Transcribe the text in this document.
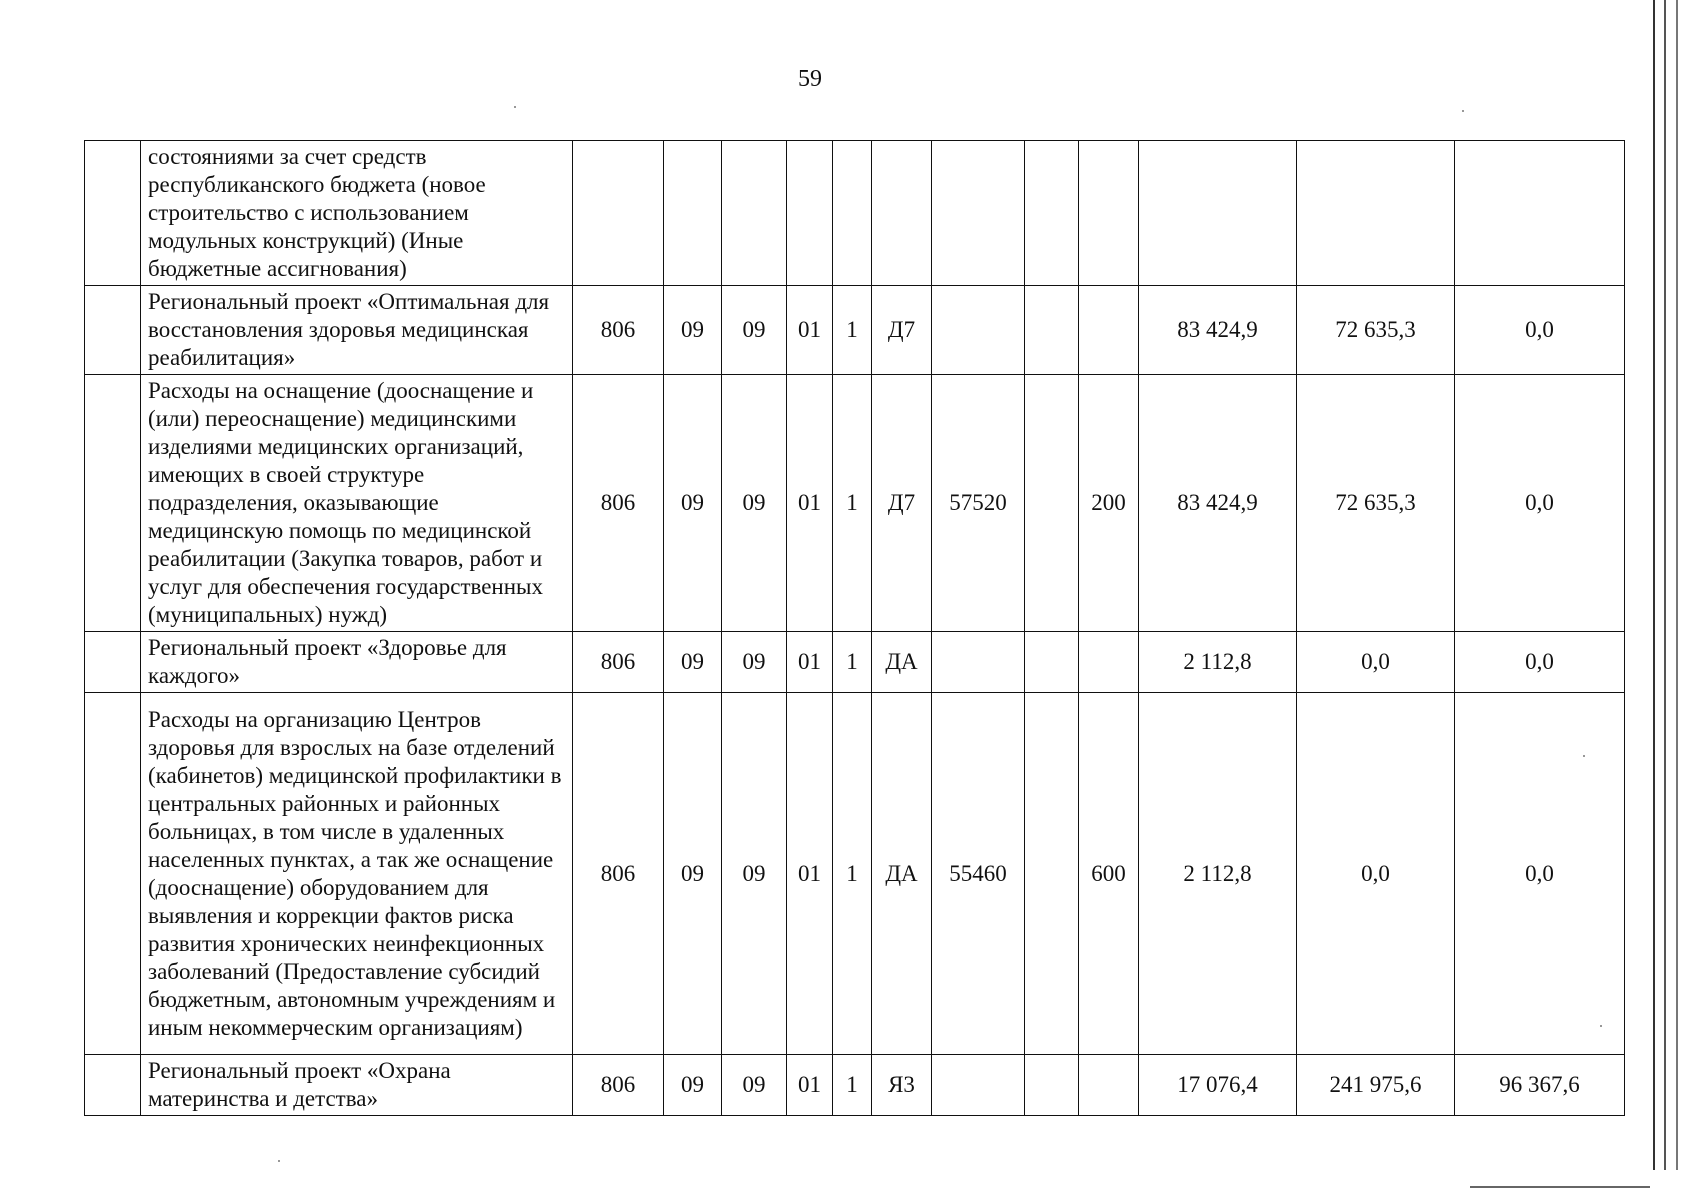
59
	состояниями за счет средств республиканского бюджета (новое строительство с использованием модульных конструкций) (Иные бюджетные ассигнования)												
	Региональный проект «Оптимальная для восстановления здоровья медицинская реабилитация»	806	09	09	01	1	Д7				83 424,9	72 635,3	0,0
	Расходы на оснащение (дооснащение и (или) переоснащение) медицинскими изделиями медицинских организаций, имеющих в своей структуре подразделения, оказывающие медицинскую помощь по медицинской реабилитации (Закупка товаров, работ и услуг для обеспечения государственных (муниципальных) нужд)	806	09	09	01	1	Д7	57520		200	83 424,9	72 635,3	0,0
	Региональный проект «Здоровье для каждого»	806	09	09	01	1	ДА				2 112,8	0,0	0,0
	Расходы на организацию Центров здоровья для взрослых на базе отделений (кабинетов) медицинской профилактики в центральных районных и районных больницах, в том числе в удаленных населенных пунктах, а так же оснащение (дооснащение) оборудованием для выявления и коррекции фактов риска развития хронических неинфекционных заболеваний (Предоставление субсидий бюджетным, автономным учреждениям и иным некоммерческим организациям)	806	09	09	01	1	ДА	55460		600	2 112,8	0,0	0,0
	Региональный проект «Охрана материнства и детства»	806	09	09	01	1	Я3				17 076,4	241 975,6	96 367,6
